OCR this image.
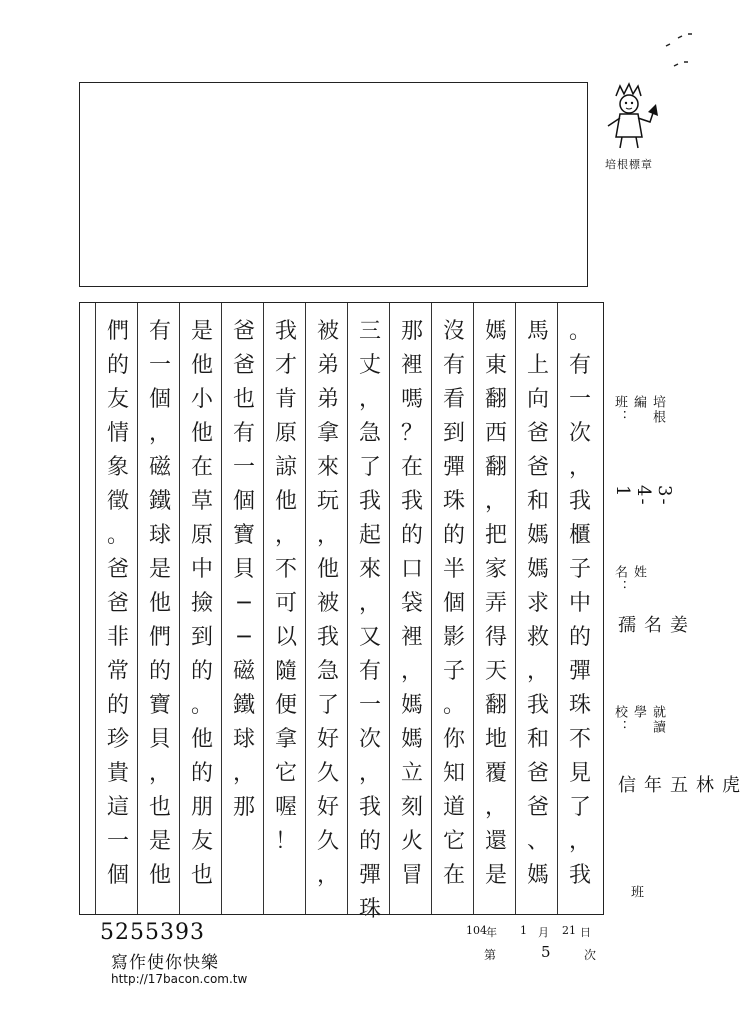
培根標章
。
有
一
次
，
我
櫃
子
中
的
彈
珠
不
見
了
，
我
馬
上
向
爸
爸
和
媽
媽
求
救
，
我
和
爸
爸
、
媽
媽
東
翻
西
翻
，
把
家
弄
得
天
翻
地
覆
，
還
是
沒
有
看
到
彈
珠
的
半
個
影
子
。
你
知
道
它
在
那
裡
嗎
？
在
我
的
口
袋
裡
，
媽
媽
立
刻
火
冒
三
丈
，
急
了
我
起
來
，
又
有
一
次
，
我
的
彈
珠
被
弟
弟
拿
來
玩
，
他
被
我
急
了
好
久
好
久
，
我
才
肯
原
諒
他
，
不
可
以
隨
便
拿
它
喔
！
爸
爸
也
有
一
個
寶
貝
─
─
磁
鐵
球
，
那
是
他
小
他
在
草
原
中
撿
到
的
。
他
的
朋
友
也
有
一
個
，
磁
鐵
球
是
他
們
的
寶
貝
，
也
是
他
們
的
友
情
象
徵
。
爸
爸
非
常
的
珍
貴
這
一
個
培根編班：
3-4-1
姓名：
姜名孺
就讀學校：
虎林五年信
班
5255393
寫作使你快樂
http://17bacon.com.tw
104 年 1 月 21 日
第	5	次
